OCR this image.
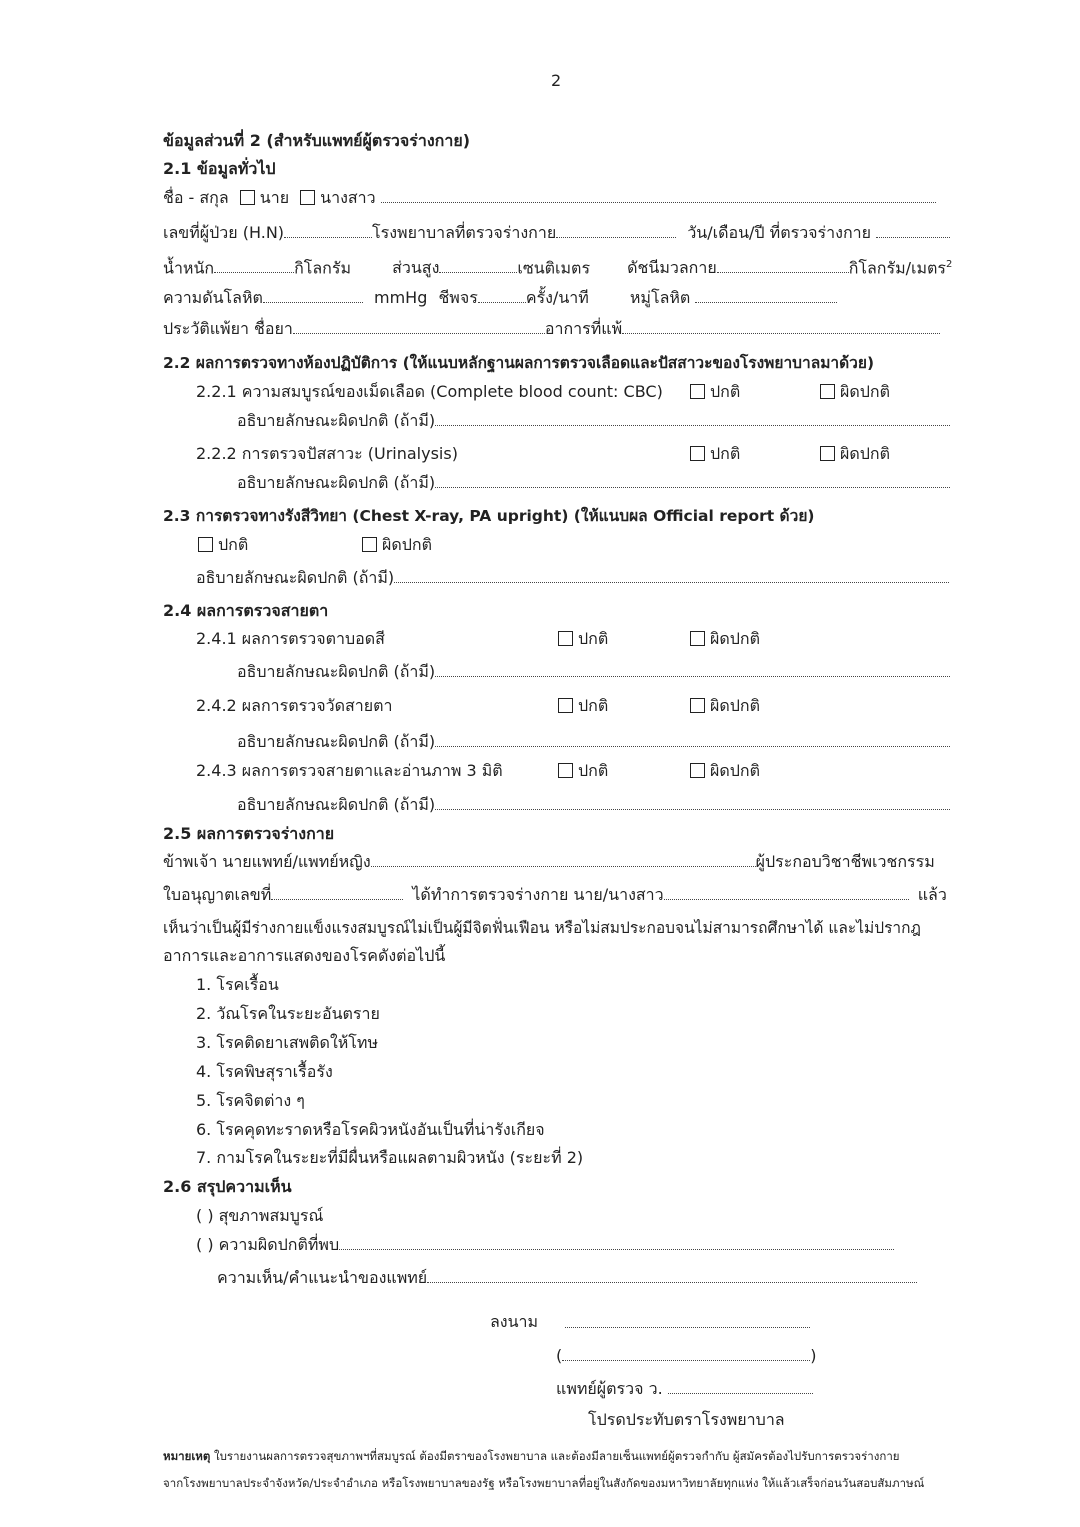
2
ข้อมูลส่วนที่ 2 (สำหรับแพทย์ผู้ตรวจร่างกาย)
2.1 ข้อมูลทั่วไป
ชื่อ - สกุล นาย นางสาว
เลขที่ผู้ป่วย (H.N)	โรงพยาบาลที่ตรวจร่างกาย	วัน/เดือน/ปี ที่ตรวจร่างกาย
น้ำหนัก	กิโลกรัม	ส่วนสูง	เซนติเมตร ดัชนีมวลกาย	กิโลกรัม/เมตร$^2$
ความดันโลหิต	mmHg ชีพจร	ครั้ง/นาที	หมู่โลหิต
ประวัติแพ้ยา ชื่อยา	อาการที่แพ้
2.2 ผลการตรวจทางห้องปฏิบัติการ (ให้แนบหลักฐานผลการตรวจเลือดและปัสสาวะของโรงพยาบาลมาด้วย)
2.2.1 ความสมบูรณ์ของเม็ดเลือด (Complete blood count: CBC)	ปกติ	ผิดปกติ
อธิบายลักษณะผิดปกติ (ถ้ามี)
2.2.2 การตรวจปัสสาวะ (Urinalysis)	ปกติ	ผิดปกติ
อธิบายลักษณะผิดปกติ (ถ้ามี)
2.3 การตรวจทางรังสีวิทยา (Chest X-ray, PA upright) (ให้แนบผล Official report ด้วย)
ปกติ	ผิดปกติ
อธิบายลักษณะผิดปกติ (ถ้ามี)
2.4 ผลการตรวจสายตา
2.4.1 ผลการตรวจตาบอดสี	ปกติ	ผิดปกติ
อธิบายลักษณะผิดปกติ (ถ้ามี)
2.4.2 ผลการตรวจวัดสายตา	ปกติ	ผิดปกติ
อธิบายลักษณะผิดปกติ (ถ้ามี)
2.4.3 ผลการตรวจสายตาและอ่านภาพ 3 มิติ	ปกติ	ผิดปกติ
อธิบายลักษณะผิดปกติ (ถ้ามี)
2.5 ผลการตรวจร่างกาย
ข้าพเจ้า นายแพทย์/แพทย์หญิง	ผู้ประกอบวิชาชีพเวชกรรม
ใบอนุญาตเลขที่	ได้ทำการตรวจร่างกาย นาย/นางสาว	แล้ว
เห็นว่าเป็นผู้มีร่างกายแข็งแรงสมบูรณ์ไม่เป็นผู้มีจิตฟั่นเฟือน หรือไม่สมประกอบจนไม่สามารถศึกษาได้ และไม่ปรากฎ
อาการและอาการแสดงของโรคดังต่อไปนี้
1. โรคเรื้อน
2. วัณโรคในระยะอันตราย
3. โรคติดยาเสพติดให้โทษ
4. โรคพิษสุราเรื้อรัง
5. โรคจิตต่าง ๆ
6. โรคคุดทะราดหรือโรคผิวหนังอันเป็นที่น่ารังเกียจ
7. กามโรคในระยะที่มีผื่นหรือแผลตามผิวหนัง (ระยะที่ 2)
2.6 สรุปความเห็น
( ) สุขภาพสมบูรณ์
( ) ความผิดปกติที่พบ
ความเห็น/คำแนะนำของแพทย์
ลงนาม
(	)
แพทย์ผู้ตรวจ ว.
โปรดประทับตราโรงพยาบาล
หมายเหตุ ใบรายงานผลการตรวจสุขภาพฯที่สมบูรณ์ ต้องมีตราของโรงพยาบาล และต้องมีลายเซ็นแพทย์ผู้ตรวจกำกับ ผู้สมัครต้องไปรับการตรวจร่างกาย
จากโรงพยาบาลประจำจังหวัด/ประจำอำเภอ หรือโรงพยาบาลของรัฐ หรือโรงพยาบาลที่อยู่ในสังกัดของมหาวิทยาลัยทุกแห่ง ให้แล้วเสร็จก่อนวันสอบสัมภาษณ์
